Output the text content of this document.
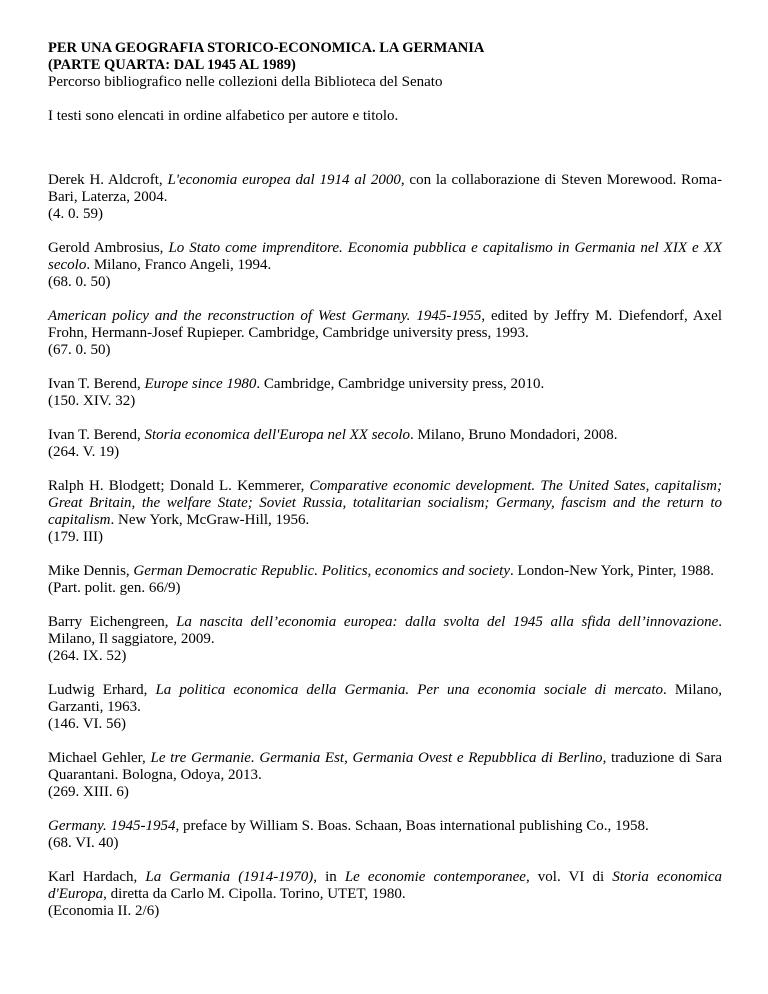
PER UNA GEOGRAFIA STORICO-ECONOMICA. LA GERMANIA

(PARTE QUARTA: DAL 1945 AL 1989)

Percorso bibliografico nelle collezioni della Biblioteca del Senato

I testi sono elencati in ordine alfabetico per autore e titolo.

Derek H. Aldcroft, L'economia europea dal 1914 al 2000, con la collaborazione di Steven Morewood. Roma-Bari, Laterza, 2004.
(4. 0. 59)

Gerold Ambrosius, Lo Stato come imprenditore. Economia pubblica e capitalismo in Germania nel XIX e XX secolo. Milano, Franco Angeli, 1994.
(68. 0. 50)

American policy and the reconstruction of West Germany. 1945-1955, edited by Jeffry M. Diefendorf, Axel Frohn, Hermann-Josef Rupieper. Cambridge, Cambridge university press, 1993.
(67. 0. 50)

Ivan T. Berend, Europe since 1980. Cambridge, Cambridge university press, 2010.
(150. XIV. 32)

Ivan T. Berend, Storia economica dell'Europa nel XX secolo. Milano, Bruno Mondadori, 2008.
(264. V. 19)

Ralph H. Blodgett; Donald L. Kemmerer, Comparative economic development. The United Sates, capitalism; Great Britain, the welfare State; Soviet Russia, totalitarian socialism; Germany, fascism and the return to capitalism. New York, McGraw-Hill, 1956.
(179. III)

Mike Dennis, German Democratic Republic. Politics, economics and society. London-New York, Pinter, 1988.
(Part. polit. gen. 66/9)

Barry Eichengreen, La nascita dell’economia europea: dalla svolta del 1945 alla sfida dell’innovazione. Milano, Il saggiatore, 2009.
(264. IX. 52)

Ludwig Erhard, La politica economica della Germania. Per una economia sociale di mercato. Milano, Garzanti, 1963.
(146. VI. 56)

Michael Gehler, Le tre Germanie. Germania Est, Germania Ovest e Repubblica di Berlino, traduzione di Sara Quarantani. Bologna, Odoya, 2013.
(269. XIII. 6)

Germany. 1945-1954, preface by William S. Boas. Schaan, Boas international publishing Co., 1958.
(68. VI. 40)

Karl Hardach, La Germania (1914-1970), in Le economie contemporanee, vol. VI di Storia economica d'Europa, diretta da Carlo M. Cipolla. Torino, UTET, 1980.
(Economia II. 2/6)
